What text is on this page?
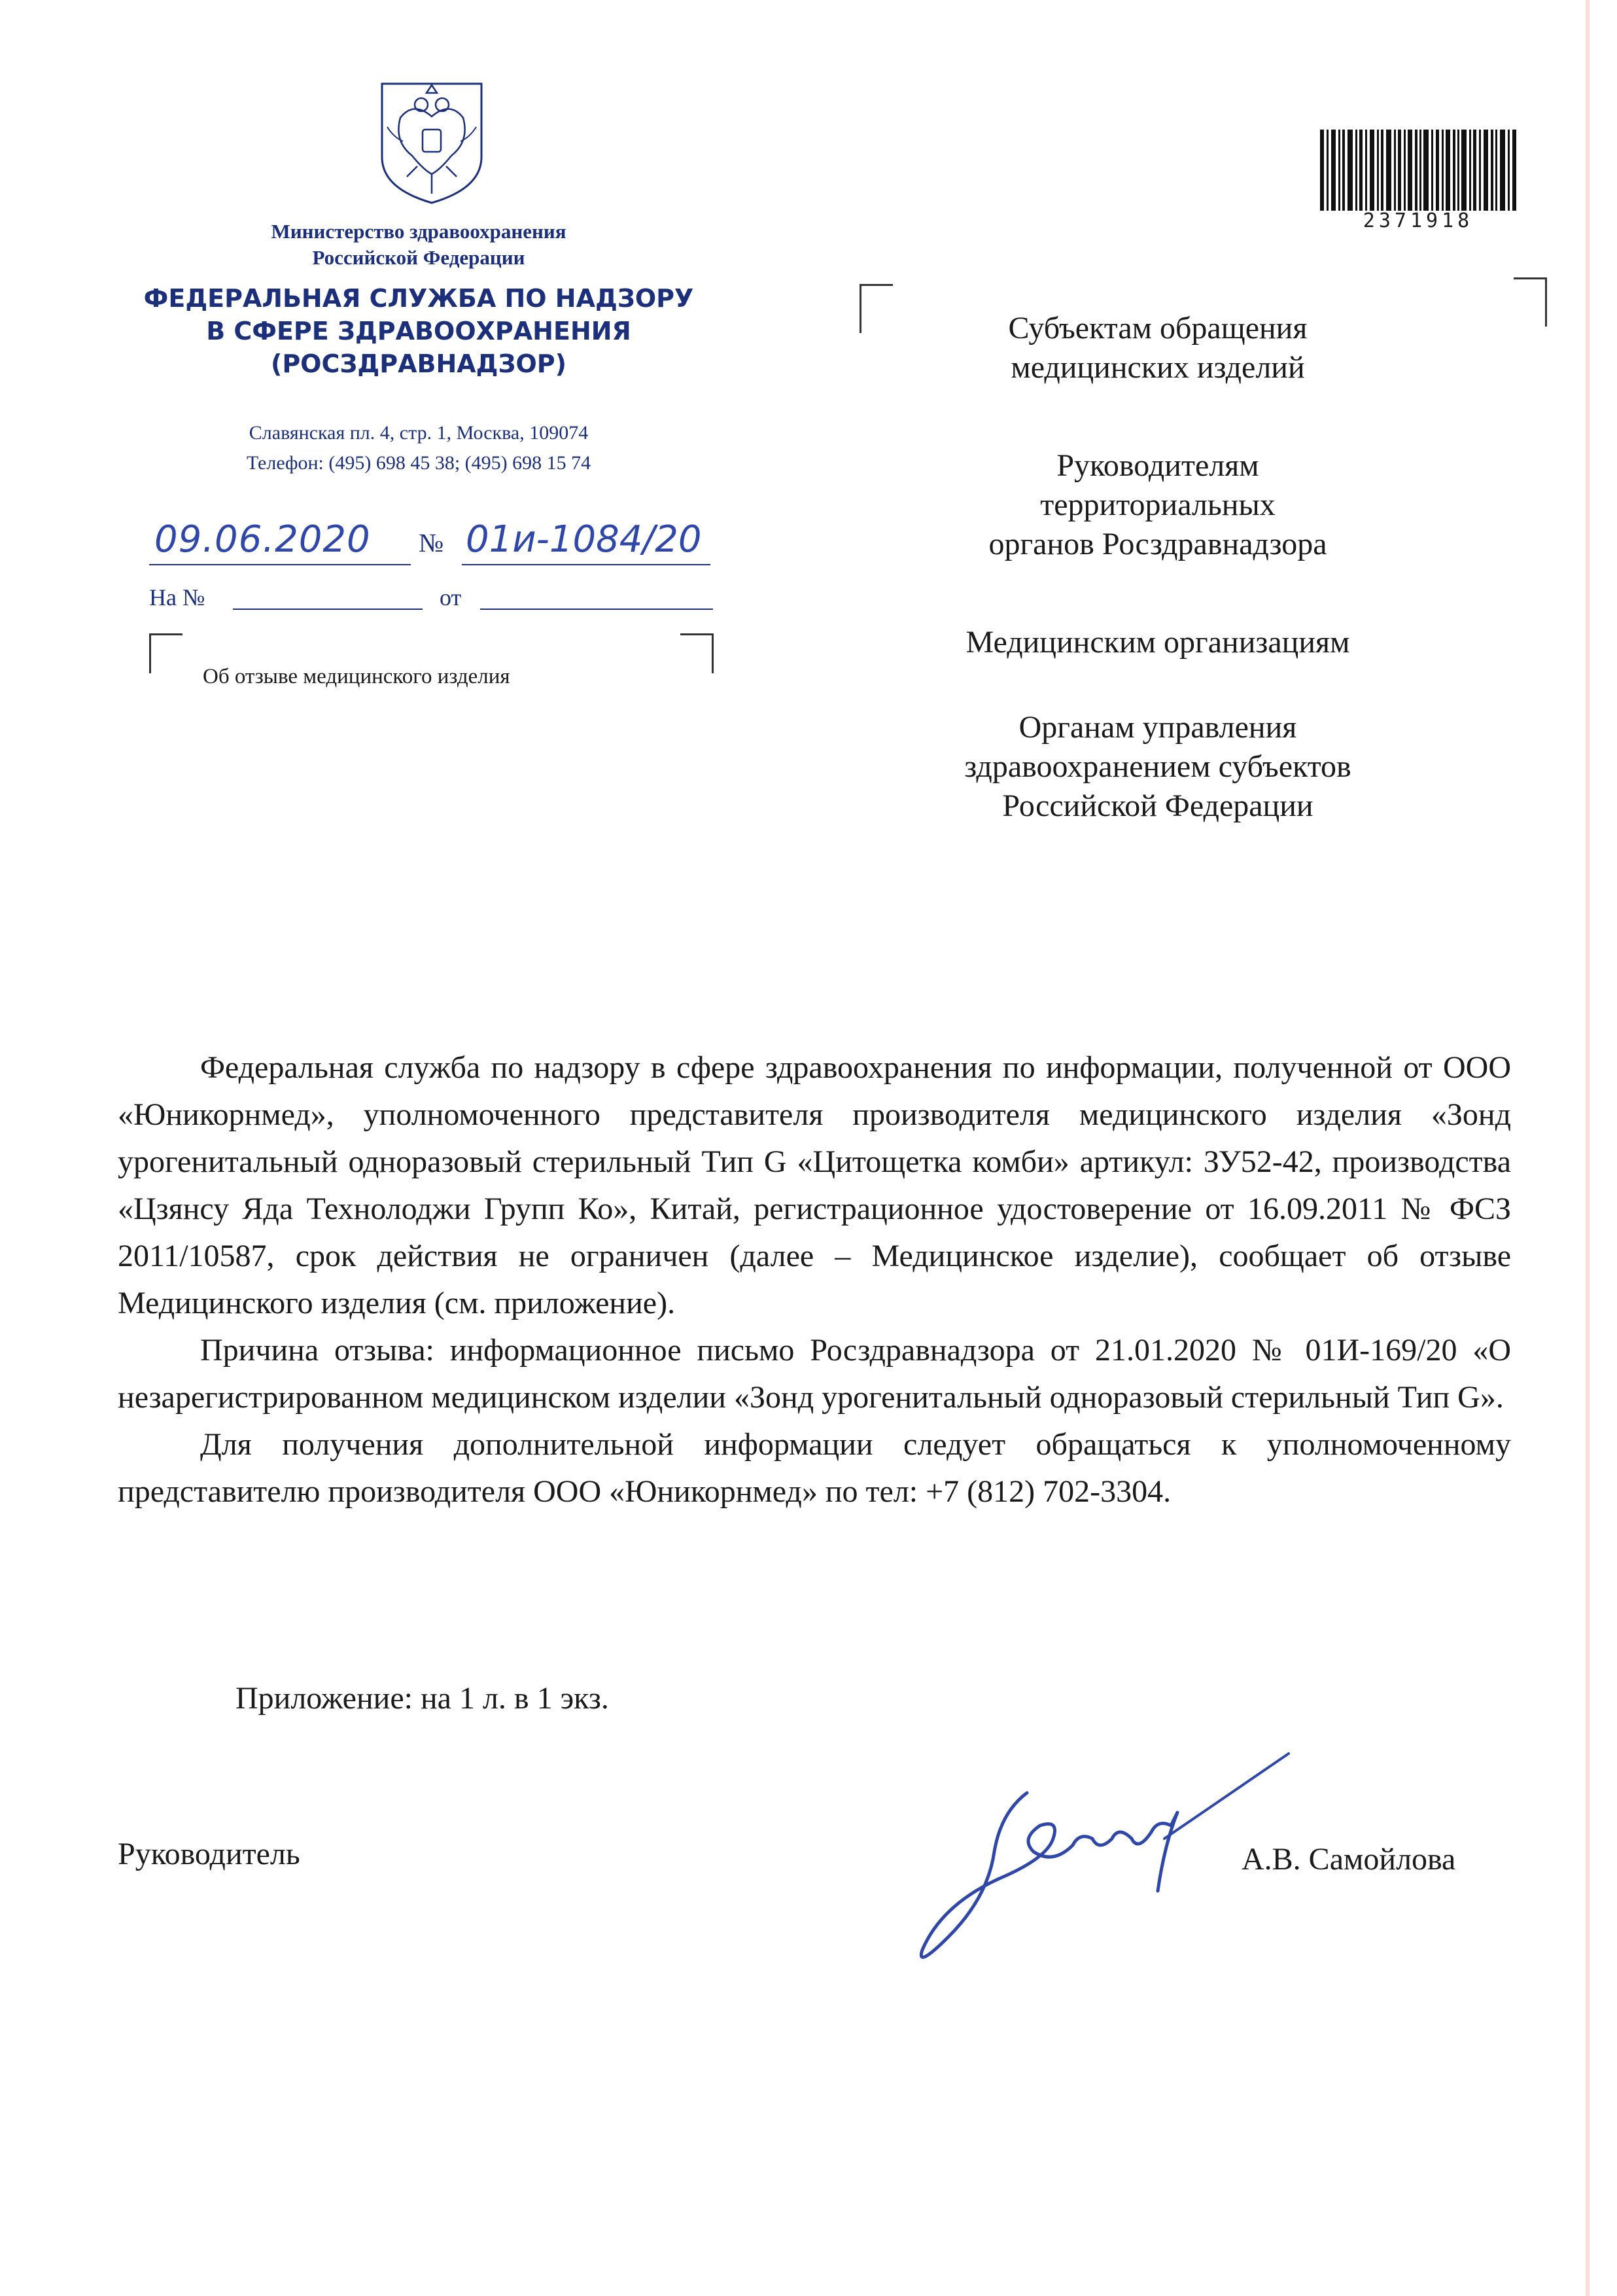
Министерство здравоохранения
Российской Федерации
ФЕДЕРАЛЬНАЯ СЛУЖБА ПО НАДЗОРУ
В СФЕРЕ ЗДРАВООХРАНЕНИЯ
(РОСЗДРАВНАДЗОР)
Славянская пл. 4, стр. 1, Москва, 109074
Телефон: (495) 698 45 38; (495) 698 15 74
09.06.2020 № 01и-1084/20
На №	от
Об отзыве медицинского изделия
2371918
Субъектам обращения
медицинских изделий
Руководителям
территориальных
органов Росздравнадзора
Медицинским организациям
Органам управления
здравоохранением субъектов
Российской Федерации

Федеральная служба по надзору в сфере здравоохранения по информации, полученной от ООО «Юникорнмед», уполномоченного представителя производителя медицинского изделия «Зонд урогенитальный одноразовый стерильный Тип G «Цитощетка комби» артикул: ЗУ52-42, производства «Цзянсу Яда Технолоджи Групп Ко», Китай, регистрационное удостоверение от 16.09.2011 № ФСЗ 2011/10587, срок действия не ограничен (далее – Медицинское изделие), сообщает об отзыве Медицинского изделия (см. приложение).

Причина отзыва: информационное письмо Росздравнадзора от 21.01.2020 № 01И-169/20 «О незарегистрированном медицинском изделии «Зонд урогенитальный одноразовый стерильный Тип G».

Для получения дополнительной информации следует обращаться к уполномоченному представителю производителя ООО «Юникорнмед» по тел: +7 (812) 702-3304.

Приложение: на 1 л. в 1 экз.
Руководитель	А.В. Самойлова
